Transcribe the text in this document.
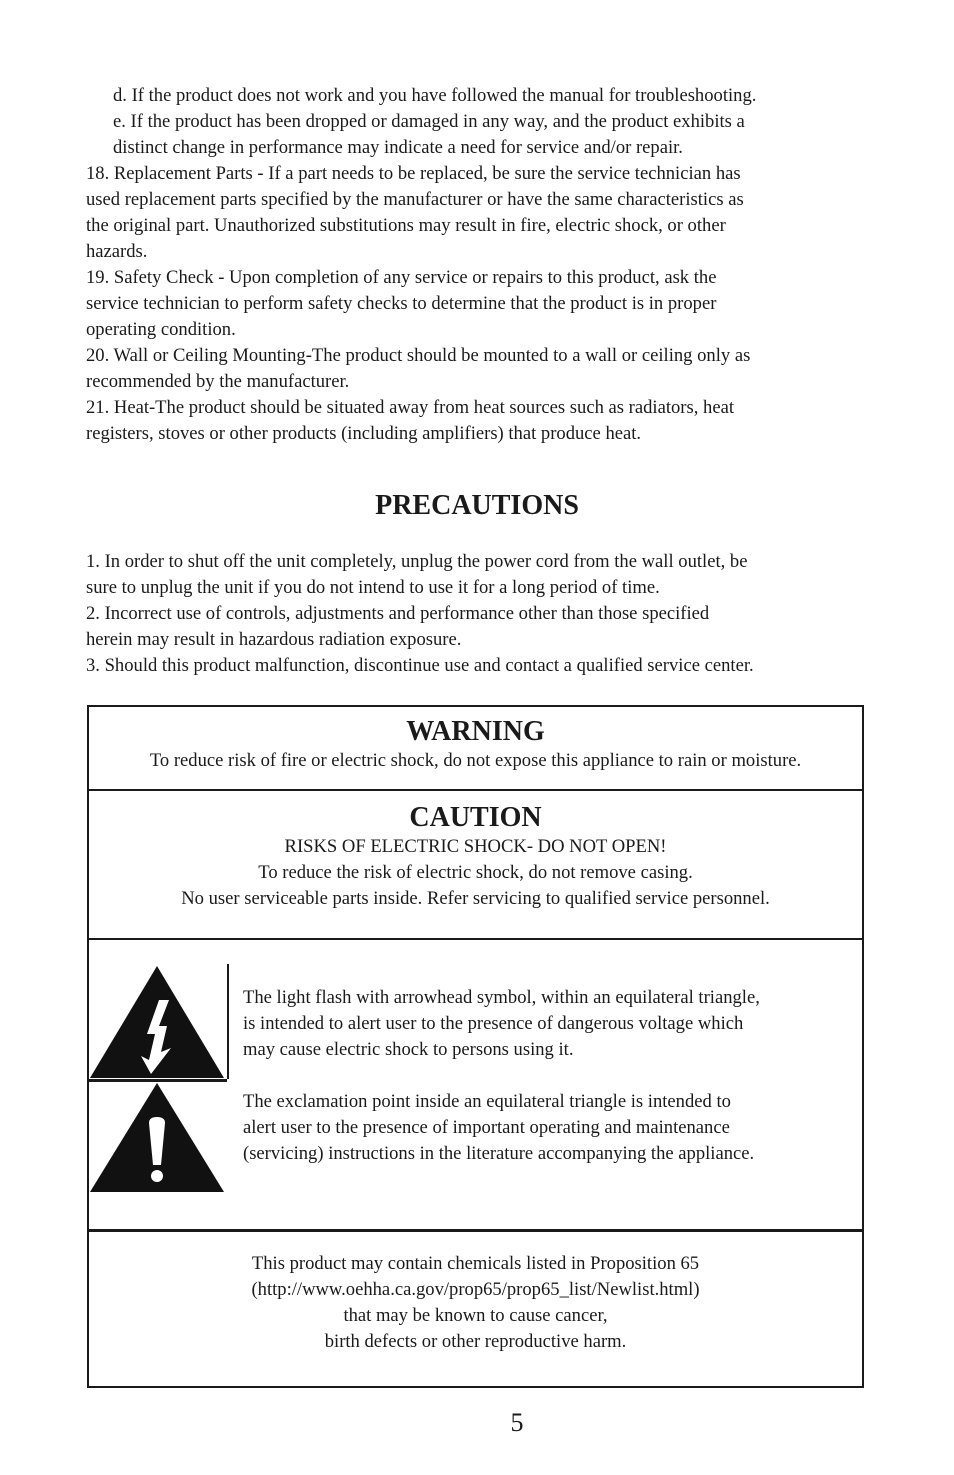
d. If the product does not work and you have followed the manual for troubleshooting.
e. If the product has been dropped or damaged in any way, and the product exhibits a
distinct change in performance may indicate a need for service and/or repair.
18. Replacement Parts - If a part needs to be replaced, be sure the service technician has
used replacement parts specified by the manufacturer or have the same characteristics as
the original part. Unauthorized substitutions may result in fire, electric shock, or other
hazards.
19. Safety Check - Upon completion of any service or repairs to this product, ask the
service technician to perform safety checks to determine that the product is in proper
operating condition.
20. Wall or Ceiling Mounting-The product should be mounted to a wall or ceiling only as
recommended by the manufacturer.
21. Heat-The product should be situated away from heat sources such as radiators, heat
registers, stoves or other products (including amplifiers) that produce heat.
PRECAUTIONS
1. In order to shut off the unit completely, unplug the power cord from the wall outlet, be
sure to unplug the unit if you do not intend to use it for a long period of time.
2. Incorrect use of controls, adjustments and performance other than those specified
herein may result in hazardous radiation exposure.
3. Should this product malfunction, discontinue use and contact a qualified service center.
WARNING
To reduce risk of fire or electric shock, do not expose this appliance to rain or moisture.
CAUTION
RISKS OF ELECTRIC SHOCK- DO NOT OPEN!
To reduce the risk of electric shock, do not remove casing.
No user serviceable parts inside. Refer servicing to qualified service personnel.
The light flash with arrowhead symbol, within an equilateral triangle,
is intended to alert user to the presence of dangerous voltage which
may cause electric shock to persons using it.
The exclamation point inside an equilateral triangle is intended to
alert user to the presence of important operating and maintenance
(servicing) instructions in the literature accompanying the appliance.
This product may contain chemicals listed in Proposition 65
(http://www.oehha.ca.gov/prop65/prop65_list/Newlist.html)
that may be known to cause cancer,
birth defects or other reproductive harm.
5
